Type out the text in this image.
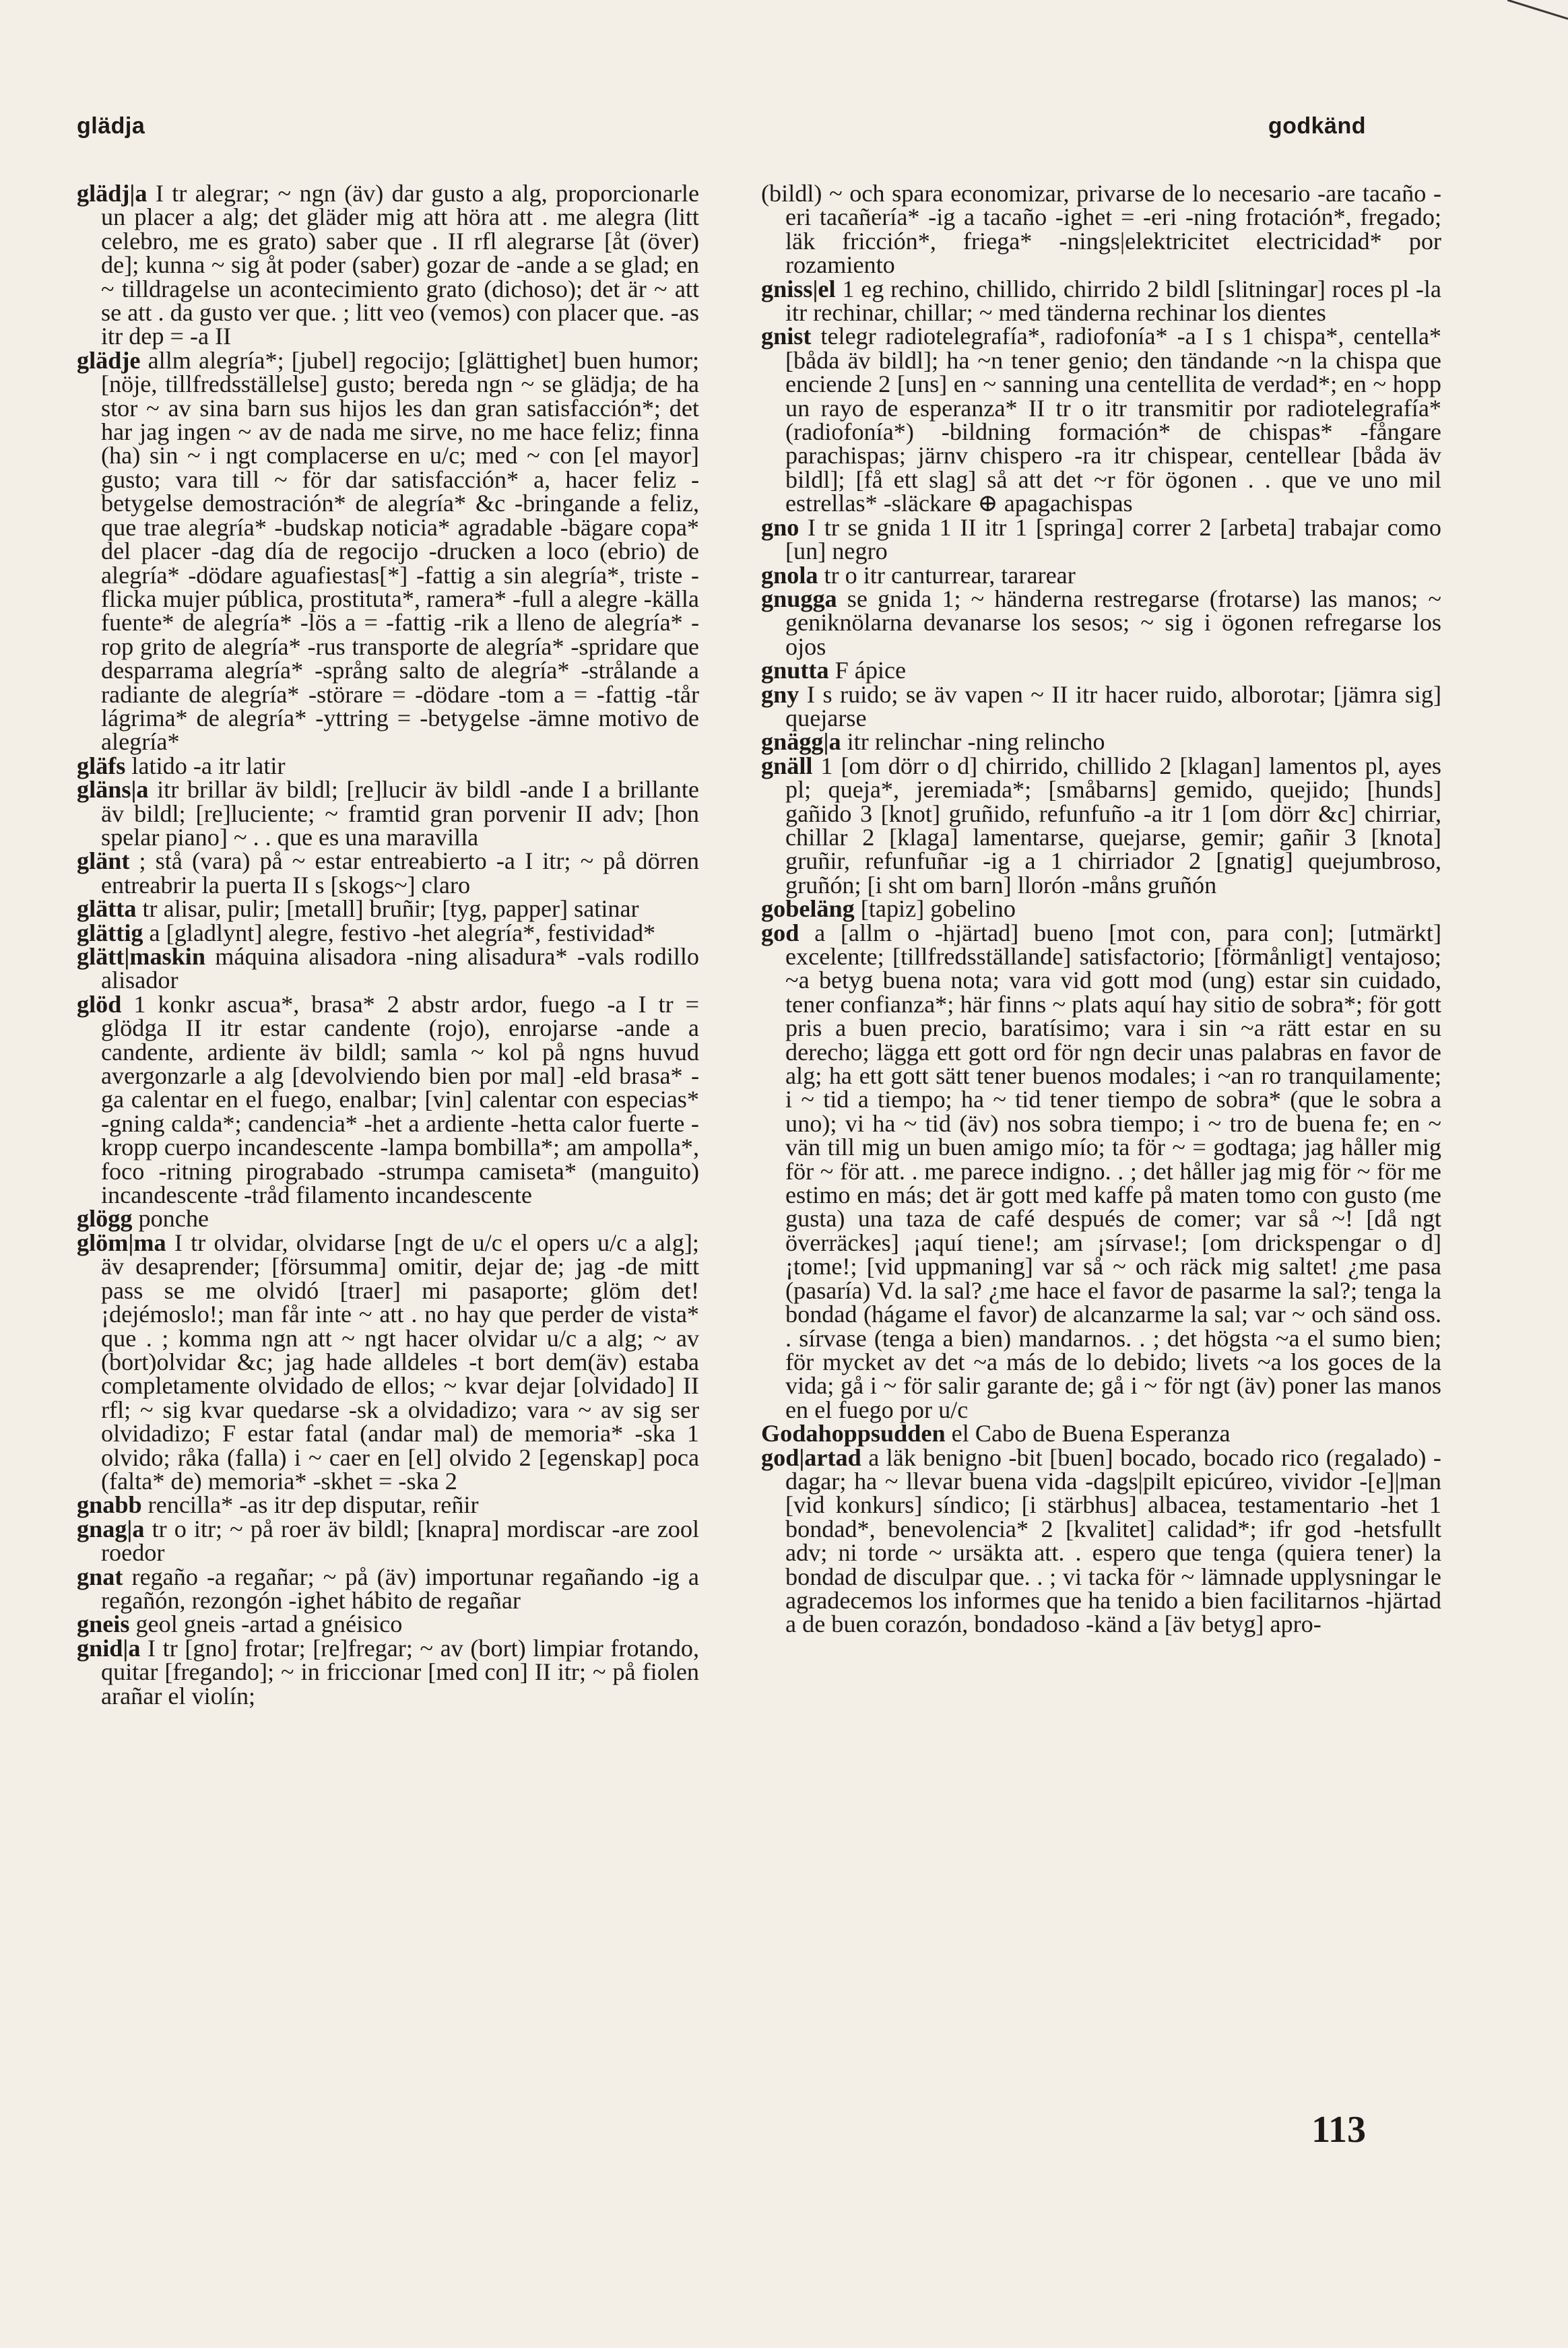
glädja	godkänd

glädj|a I tr alegrar; ~ ngn (äv) dar gusto a alg, proporcionarle un placer a alg; det gläder mig att höra att . me alegra (litt celebro, me es grato) saber que . II rfl alegrarse [åt (över) de]; kunna ~ sig åt poder (saber) gozar de -ande a se glad; en ~ tilldragelse un acontecimiento grato (dichoso); det är ~ att se att . da gusto ver que. ; litt veo (vemos) con placer que. -as itr dep = -a II

glädje allm alegría*; [jubel] regocijo; [glättighet] buen humor; [nöje, tillfredsställelse] gusto; bereda ngn ~ se glädja; de ha stor ~ av sina barn sus hijos les dan gran satisfacción*; det har jag ingen ~ av de nada me sirve, no me hace feliz; finna (ha) sin ~ i ngt complacerse en u/c; med ~ con [el mayor] gusto; vara till ~ för dar satisfacción* a, hacer feliz -betygelse demostración* de alegría* &c -bringande a feliz, que trae alegría* -budskap noticia* agradable -bägare copa* del placer -dag día de regocijo -drucken a loco (ebrio) de alegría* -dödare aguafiestas[*] -fattig a sin alegría*, triste -flicka mujer pública, prostituta*, ramera* -full a alegre -källa fuente* de alegría* -lös a = -fattig -rik a lleno de alegría* -rop grito de alegría* -rus transporte de alegría* -spridare que desparrama alegría* -språng salto de alegría* -strålande a radiante de alegría* -störare = -dödare -tom a = -fattig -tår lágrima* de alegría* -yttring = -betygelse -ämne motivo de alegría*

gläfs latido -a itr latir

gläns|a itr brillar äv bildl; [re]lucir äv bildl -ande I a brillante äv bildl; [re]luciente; ~ framtid gran porvenir II adv; [hon spelar piano] ~ . . que es una maravilla

glänt ; stå (vara) på ~ estar entreabierto -a I itr; ~ på dörren entreabrir la puerta II s [skogs~] claro

glätta tr alisar, pulir; [metall] bruñir; [tyg, papper] satinar

glättig a [gladlynt] alegre, festivo -het alegría*, festividad*

glätt|maskin máquina alisadora -ning alisadura* -vals rodillo alisador

glöd 1 konkr ascua*, brasa* 2 abstr ardor, fuego -a I tr = glödga II itr estar candente (rojo), enrojarse -ande a candente, ardiente äv bildl; samla ~ kol på ngns huvud avergonzarle a alg [devolviendo bien por mal] -eld brasa* -ga calentar en el fuego, enalbar; [vin] calentar con especias* -gning calda*; candencia* -het a ardiente -hetta calor fuerte -kropp cuerpo incandescente -lampa bombilla*; am ampolla*, foco -ritning pirograbado -strumpa camiseta* (manguito) incandescente -tråd filamento incandescente

glögg ponche

glöm|ma I tr olvidar, olvidarse [ngt de u/c el opers u/c a alg]; äv desaprender; [försumma] omitir, dejar de; jag -de mitt pass se me olvidó [traer] mi pasaporte; glöm det! ¡dejémoslo!; man får inte ~ att . no hay que perder de vista* que . ; komma ngn att ~ ngt hacer olvidar u/c a alg; ~ av (bort)olvidar &c; jag hade alldeles -t bort dem(äv) estaba completamente olvidado de ellos; ~ kvar dejar [olvidado] II rfl; ~ sig kvar quedarse -sk a olvidadizo; vara ~ av sig ser olvidadizo; F estar fatal (andar mal) de memoria* -ska 1 olvido; råka (falla) i ~ caer en [el] olvido 2 [egenskap] poca (falta* de) memoria* -skhet = -ska 2

gnabb rencilla* -as itr dep disputar, reñir

gnag|a tr o itr; ~ på roer äv bildl; [knapra] mordiscar -are zool roedor

gnat regaño -a regañar; ~ på (äv) importunar regañando -ig a regañón, rezongón -ighet hábito de regañar

gneis geol gneis -artad a gnéisico

gnid|a I tr [gno] frotar; [re]fregar; ~ av (bort) limpiar frotando, quitar [fregando]; ~ in friccionar [med con] II itr; ~ på fiolen arañar el violín;

(bildl) ~ och spara economizar, privarse de lo necesario -are tacaño -eri tacañería* -ig a tacaño -ighet = -eri -ning frotación*, fregado; läk fricción*, friega* -nings|elektricitet electricidad* por rozamiento

gniss|el 1 eg rechino, chillido, chirrido 2 bildl [slitningar] roces pl -la itr rechinar, chillar; ~ med tänderna rechinar los dientes

gnist telegr radiotelegrafía*, radiofonía* -a I s 1 chispa*, centella* [båda äv bildl]; ha ~n tener genio; den tändande ~n la chispa que enciende 2 [uns] en ~ sanning una centellita de verdad*; en ~ hopp un rayo de esperanza* II tr o itr transmitir por radiotelegrafía* (radiofonía*) -bildning formación* de chispas* -fångare parachispas; järnv chispero -ra itr chispear, centellear [båda äv bildl]; [få ett slag] så att det ~r för ögonen . . que ve uno mil estrellas* -släckare ⊕ apagachispas

gno I tr se gnida 1 II itr 1 [springa] correr 2 [arbeta] trabajar como [un] negro

gnola tr o itr canturrear, tararear

gnugga se gnida 1; ~ händerna restregarse (frotarse) las manos; ~ geniknölarna devanarse los sesos; ~ sig i ögonen refregarse los ojos

gnutta F ápice

gny I s ruido; se äv vapen ~ II itr hacer ruido, alborotar; [jämra sig] quejarse

gnägg|a itr relinchar -ning relincho

gnäll 1 [om dörr o d] chirrido, chillido 2 [klagan] lamentos pl, ayes pl; queja*, jeremiada*; [småbarns] gemido, quejido; [hunds] gañido 3 [knot] gruñido, refunfuño -a itr 1 [om dörr &c] chirriar, chillar 2 [klaga] lamentarse, quejarse, gemir; gañir 3 [knota] gruñir, refunfuñar -ig a 1 chirriador 2 [gnatig] quejumbroso, gruñón; [i sht om barn] llorón -måns gruñón

gobeläng [tapiz] gobelino

god a [allm o -hjärtad] bueno [mot con, para con]; [utmärkt] excelente; [tillfredsställande] satisfactorio; [förmånligt] ventajoso; ~a betyg buena nota; vara vid gott mod (ung) estar sin cuidado, tener confianza*; här finns ~ plats aquí hay sitio de sobra*; för gott pris a buen precio, baratísimo; vara i sin ~a rätt estar en su derecho; lägga ett gott ord för ngn decir unas palabras en favor de alg; ha ett gott sätt tener buenos modales; i ~an ro tranquilamente; i ~ tid a tiempo; ha ~ tid tener tiempo de sobra* (que le sobra a uno); vi ha ~ tid (äv) nos sobra tiempo; i ~ tro de buena fe; en ~ vän till mig un buen amigo mío; ta för ~ = godtaga; jag håller mig för ~ för att. . me parece indigno. . ; det håller jag mig för ~ för me estimo en más; det är gott med kaffe på maten tomo con gusto (me gusta) una taza de café después de comer; var så ~! [då ngt överräckes] ¡aquí tiene!; am ¡sírvase!; [om drickspengar o d] ¡tome!; [vid uppmaning] var så ~ och räck mig saltet! ¿me pasa (pasaría) Vd. la sal? ¿me hace el favor de pasarme la sal?; tenga la bondad (hágame el favor) de alcanzarme la sal; var ~ och sänd oss. . sírvase (tenga a bien) mandarnos. . ; det högsta ~a el sumo bien; för mycket av det ~a más de lo debido; livets ~a los goces de la vida; gå i ~ för salir garante de; gå i ~ för ngt (äv) poner las manos en el fuego por u/c

Godahoppsudden el Cabo de Buena Esperanza

god|artad a läk benigno -bit [buen] bocado, bocado rico (regalado) -dagar; ha ~ llevar buena vida -dags|pilt epicúreo, vividor -[e]|man [vid konkurs] síndico; [i stärbhus] albacea, testamentario -het 1 bondad*, benevolencia* 2 [kvalitet] calidad*; ifr god -hetsfullt adv; ni torde ~ ursäkta att. . espero que tenga (quiera tener) la bondad de disculpar que. . ; vi tacka för ~ lämnade upplysningar le agradecemos los informes que ha tenido a bien facilitarnos -hjärtad a de buen corazón, bondadoso -känd a [äv betyg] apro-

113
